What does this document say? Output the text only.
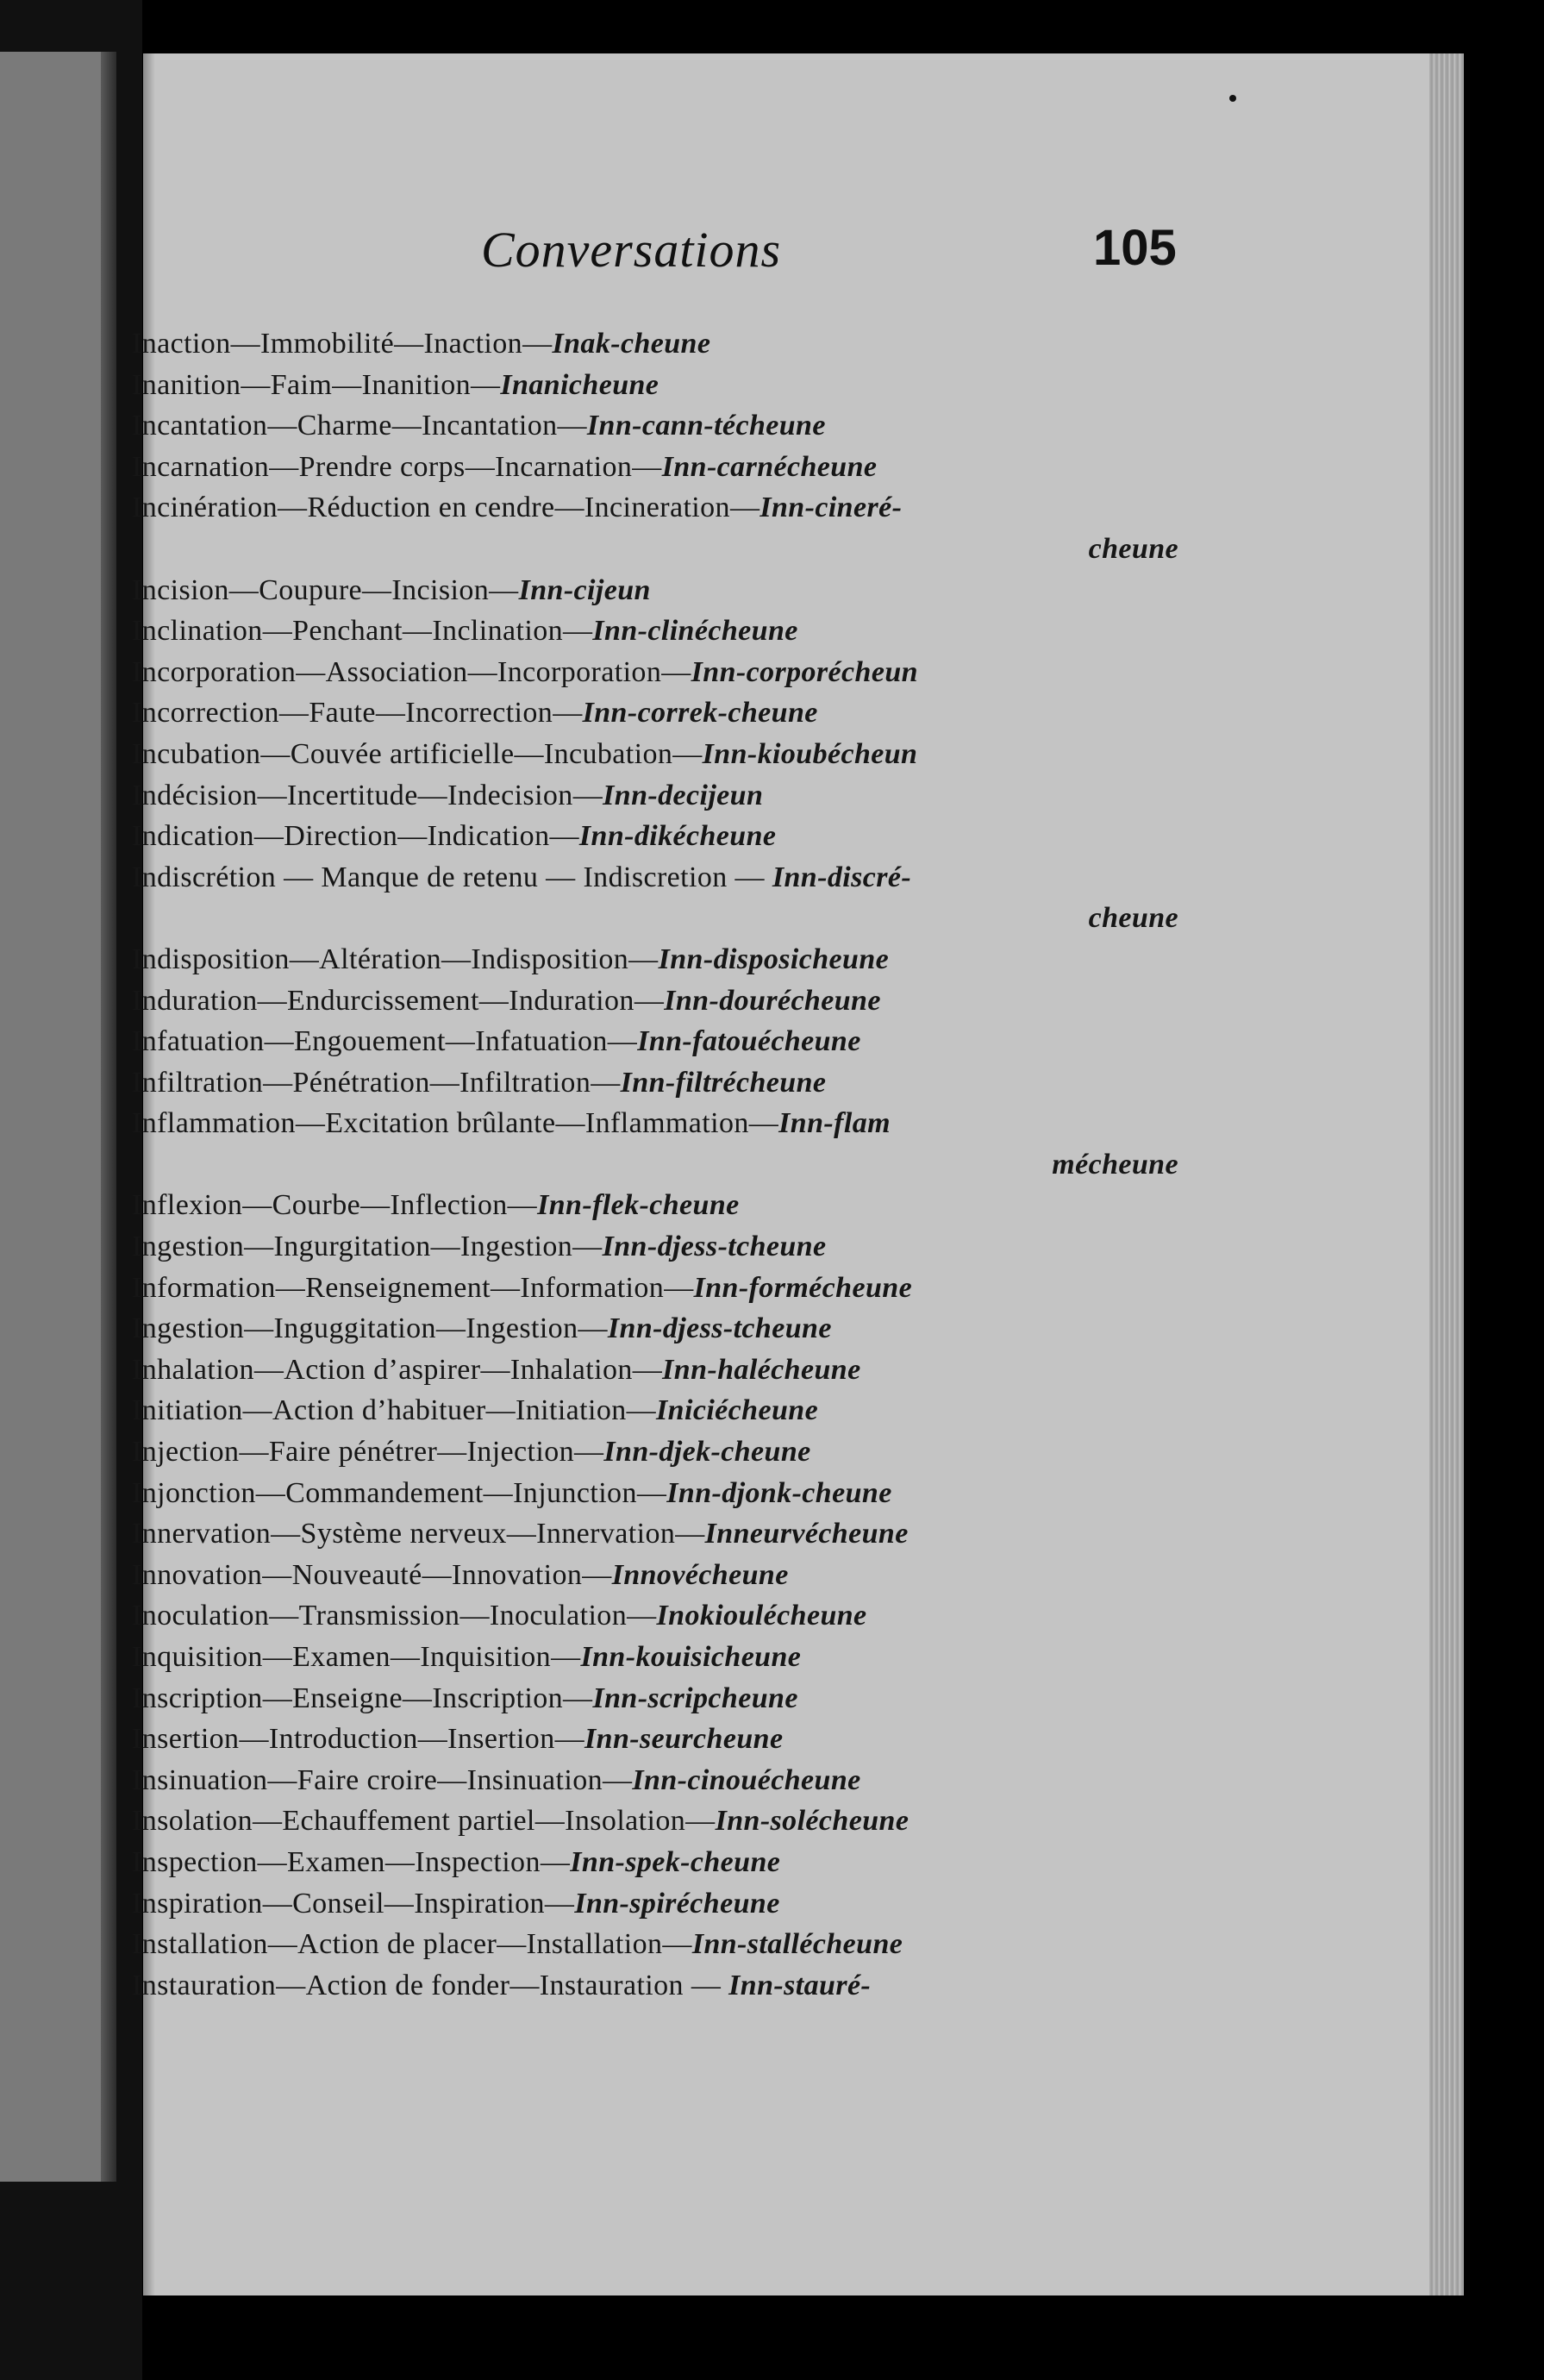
Conversations	105
Inaction—Immobilité—Inaction—Inak-cheune
Inanition—Faim—Inanition—Inanicheune
Incantation—Charme—Incantation—Inn-cann-técheune
Incarnation—Prendre corps—Incarnation—Inn-carnécheune
Incinération—Réduction en cendre—Incineration—Inn-cineré-
cheune
Incision—Coupure—Incision—Inn-cijeun
Inclination—Penchant—Inclination—Inn-clinécheune
Incorporation—Association—Incorporation—Inn-corporécheun
Incorrection—Faute—Incorrection—Inn-correk-cheune
Incubation—Couvée artificielle—Incubation—Inn-kioubécheun
Indécision—Incertitude—Indecision—Inn-decijeun
Indication—Direction—Indication—Inn-dikécheune
Indiscrétion — Manque de retenu — Indiscretion — Inn-discré-
cheune
Indisposition—Altération—Indisposition—Inn-disposicheune
Induration—Endurcissement—Induration—Inn-dourécheune
Infatuation—Engouement—Infatuation—Inn-fatouécheune
Infiltration—Pénétration—Infiltration—Inn-filtrécheune
Inflammation—Excitation brûlante—Inflammation—Inn-flam
mécheune
Inflexion—Courbe—Inflection—Inn-flek-cheune
Ingestion—Ingurgitation—Ingestion—Inn-djess-tcheune
Information—Renseignement—Information—Inn-formécheune
Ingestion—Inguggitation—Ingestion—Inn-djess-tcheune
Inhalation—Action d’aspirer—Inhalation—Inn-halécheune
Initiation—Action d’habituer—Initiation—Iniciécheune
Injection—Faire pénétrer—Injection—Inn-djek-cheune
Injonction—Commandement—Injunction—Inn-djonk-cheune
Innervation—Système nerveux—Innervation—Inneurvécheune
Innovation—Nouveauté—Innovation—Innovécheune
Inoculation—Transmission—Inoculation—Inokioulécheune
Inquisition—Examen—Inquisition—Inn-kouisicheune
Inscription—Enseigne—Inscription—Inn-scripcheune
Insertion—Introduction—Insertion—Inn-seurcheune
Insinuation—Faire croire—Insinuation—Inn-cinouécheune
Insolation—Echauffement partiel—Insolation—Inn-solécheune
Inspection—Examen—Inspection—Inn-spek-cheune
Inspiration—Conseil—Inspiration—Inn-spirécheune
Installation—Action de placer—Installation—Inn-stallécheune
Instauration—Action de fonder—Instauration — Inn-stauré-
